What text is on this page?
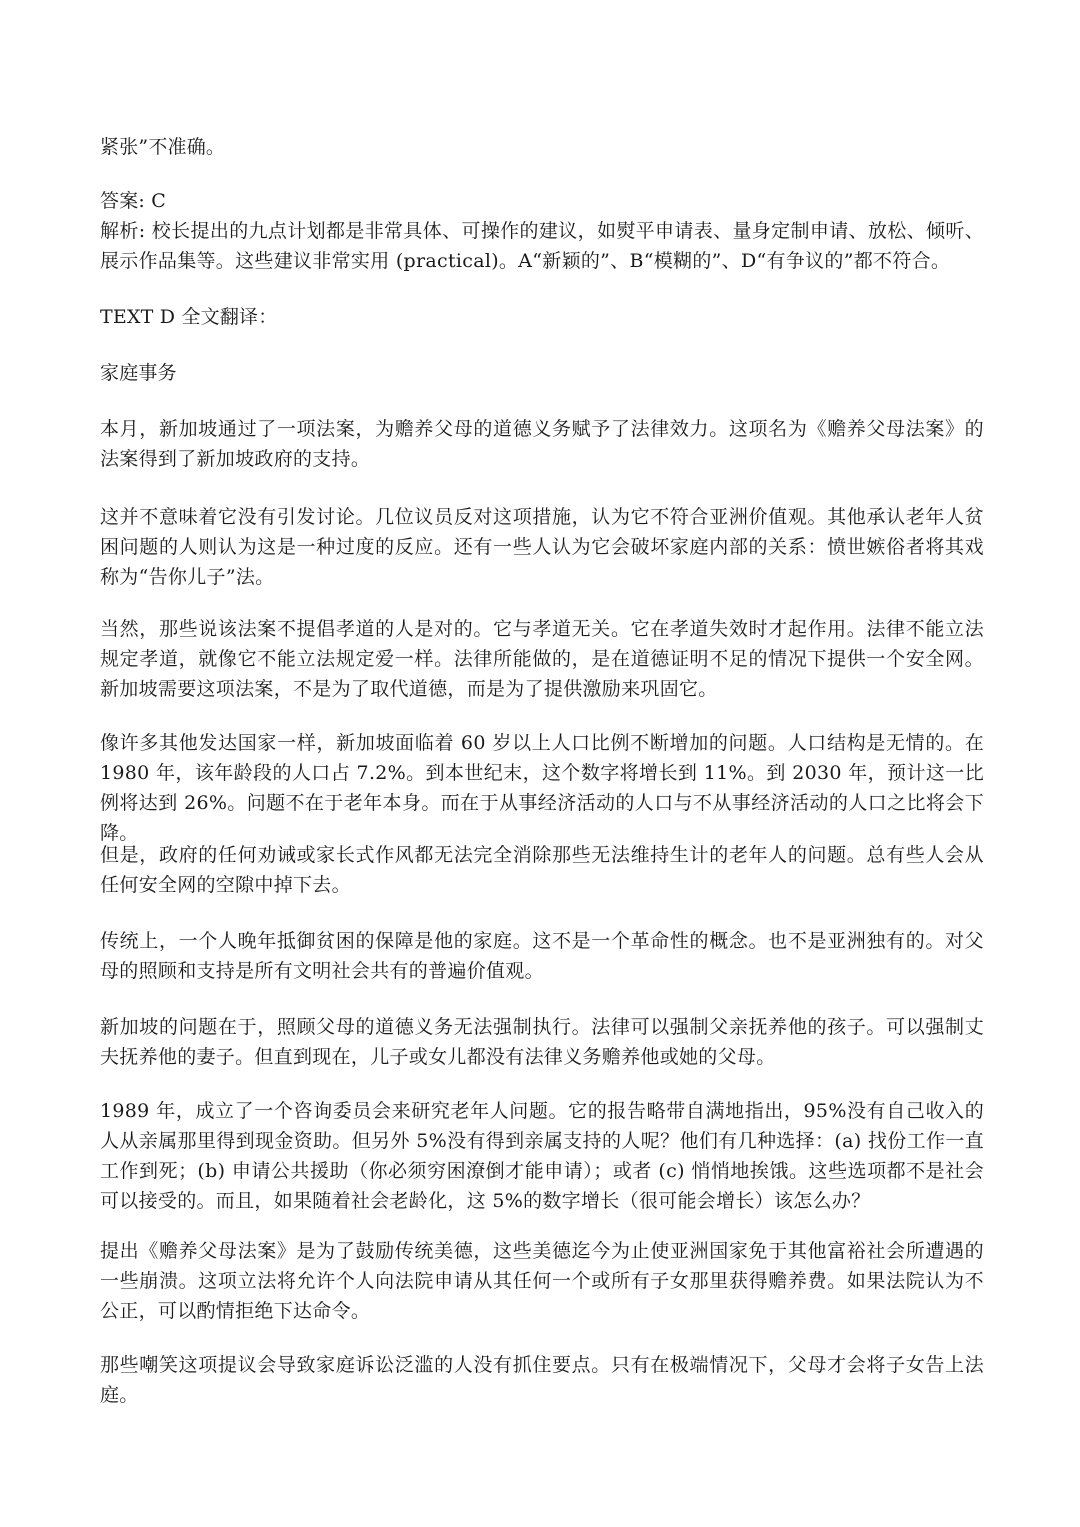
紧张”不准确。
答案: C
解析: 校长提出的九点计划都是非常具体、可操作的建议，如熨平申请表、量身定制申请、放松、倾听、展示作品集等。这些建议非常实用 (practical)。A“新颖的”、B“模糊的”、D“有争议的”都不符合。
TEXT D 全文翻译：
家庭事务
本月，新加坡通过了一项法案，为赡养父母的道德义务赋予了法律效力。这项名为《赡养父母法案》的法案得到了新加坡政府的支持。
这并不意味着它没有引发讨论。几位议员反对这项措施，认为它不符合亚洲价值观。其他承认老年人贫困问题的人则认为这是一种过度的反应。还有一些人认为它会破坏家庭内部的关系：愤世嫉俗者将其戏称为“告你儿子”法。
当然，那些说该法案不提倡孝道的人是对的。它与孝道无关。它在孝道失效时才起作用。法律不能立法规定孝道，就像它不能立法规定爱一样。法律所能做的，是在道德证明不足的情况下提供一个安全网。新加坡需要这项法案，不是为了取代道德，而是为了提供激励来巩固它。
像许多其他发达国家一样，新加坡面临着 60 岁以上人口比例不断增加的问题。人口结构是无情的。在 1980 年，该年龄段的人口占 7.2%。到本世纪末，这个数字将增长到 11%。到 2030 年，预计这一比例将达到 26%。问题不在于老年本身。而在于从事经济活动的人口与不从事经济活动的人口之比将会下降。
但是，政府的任何劝诫或家长式作风都无法完全消除那些无法维持生计的老年人的问题。总有些人会从任何安全网的空隙中掉下去。
传统上，一个人晚年抵御贫困的保障是他的家庭。这不是一个革命性的概念。也不是亚洲独有的。对父母的照顾和支持是所有文明社会共有的普遍价值观。
新加坡的问题在于，照顾父母的道德义务无法强制执行。法律可以强制父亲抚养他的孩子。可以强制丈夫抚养他的妻子。但直到现在，儿子或女儿都没有法律义务赡养他或她的父母。
1989 年，成立了一个咨询委员会来研究老年人问题。它的报告略带自满地指出，95%没有自己收入的人从亲属那里得到现金资助。但另外 5%没有得到亲属支持的人呢？他们有几种选择：(a) 找份工作一直工作到死；(b) 申请公共援助（你必须穷困潦倒才能申请）；或者 (c) 悄悄地挨饿。这些选项都不是社会可以接受的。而且，如果随着社会老龄化，这 5%的数字增长（很可能会增长）该怎么办？
提出《赡养父母法案》是为了鼓励传统美德，这些美德迄今为止使亚洲国家免于其他富裕社会所遭遇的一些崩溃。这项立法将允许个人向法院申请从其任何一个或所有子女那里获得赡养费。如果法院认为不公正，可以酌情拒绝下达命令。
那些嘲笑这项提议会导致家庭诉讼泛滥的人没有抓住要点。只有在极端情况下，父母才会将子女告上法庭。
